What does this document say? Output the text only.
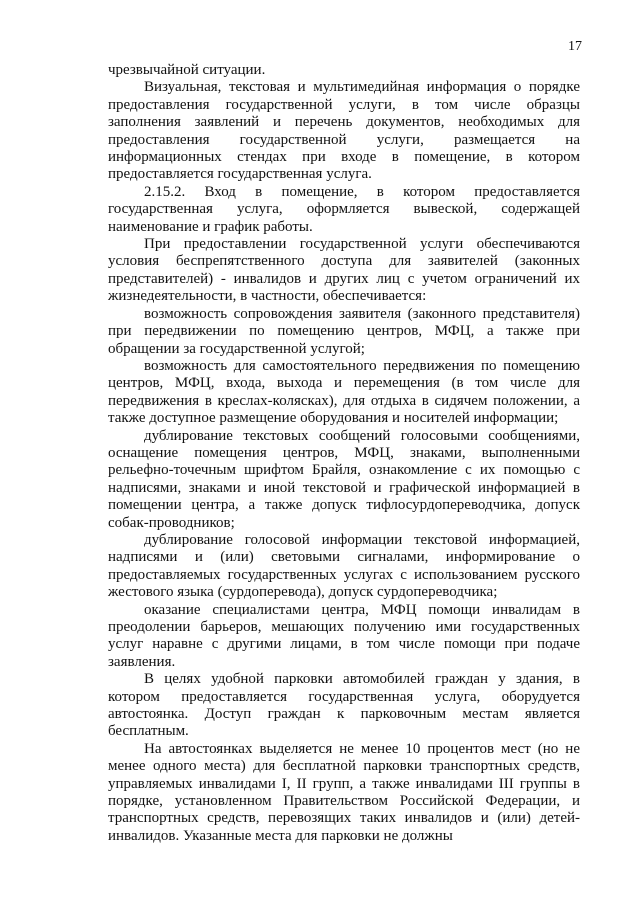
17

чрезвычайной ситуации.

Визуальная, текстовая и мультимедийная информация о порядке предоставления государственной услуги, в том числе образцы заполнения заявлений и перечень документов, необходимых для предоставления государственной услуги, размещается на информационных стендах при входе в помещение, в котором предоставляется государственная услуга.

2.15.2. Вход в помещение, в котором предоставляется государственная услуга, оформляется вывеской, содержащей наименование и график работы.

При предоставлении государственной услуги обеспечиваются условия беспрепятственного доступа для заявителей (законных представителей) - инвалидов и других лиц с учетом ограничений их жизнедеятельности, в частности, обеспечивается:

возможность сопровождения заявителя (законного представителя) при передвижении по помещению центров, МФЦ, а также при обращении за государственной услугой;

возможность для самостоятельного передвижения по помещению центров, МФЦ, входа, выхода и перемещения (в том числе для передвижения в креслах-колясках), для отдыха в сидячем положении, а также доступное размещение оборудования и носителей информации;

дублирование текстовых сообщений голосовыми сообщениями, оснащение помещения центров, МФЦ, знаками, выполненными рельефно-точечным шрифтом Брайля, ознакомление с их помощью с надписями, знаками и иной текстовой и графической информацией в помещении центра, а также допуск тифлосурдопереводчика, допуск собак-проводников;

дублирование голосовой информации текстовой информацией, надписями и (или) световыми сигналами, информирование о предоставляемых государственных услугах с использованием русского жестового языка (сурдоперевода), допуск сурдопереводчика;

оказание специалистами центра, МФЦ помощи инвалидам в преодолении барьеров, мешающих получению ими государственных услуг наравне с другими лицами, в том числе помощи при подаче заявления.

В целях удобной парковки автомобилей граждан у здания, в котором предоставляется государственная услуга, оборудуется автостоянка. Доступ граждан к парковочным местам является бесплатным.

На автостоянках выделяется не менее 10 процентов мест (но не менее одного места) для бесплатной парковки транспортных средств, управляемых инвалидами I, II групп, а также инвалидами III группы в порядке, установленном Правительством Российской Федерации, и транспортных средств, перевозящих таких инвалидов и (или) детей-инвалидов. Указанные места для парковки не должны
